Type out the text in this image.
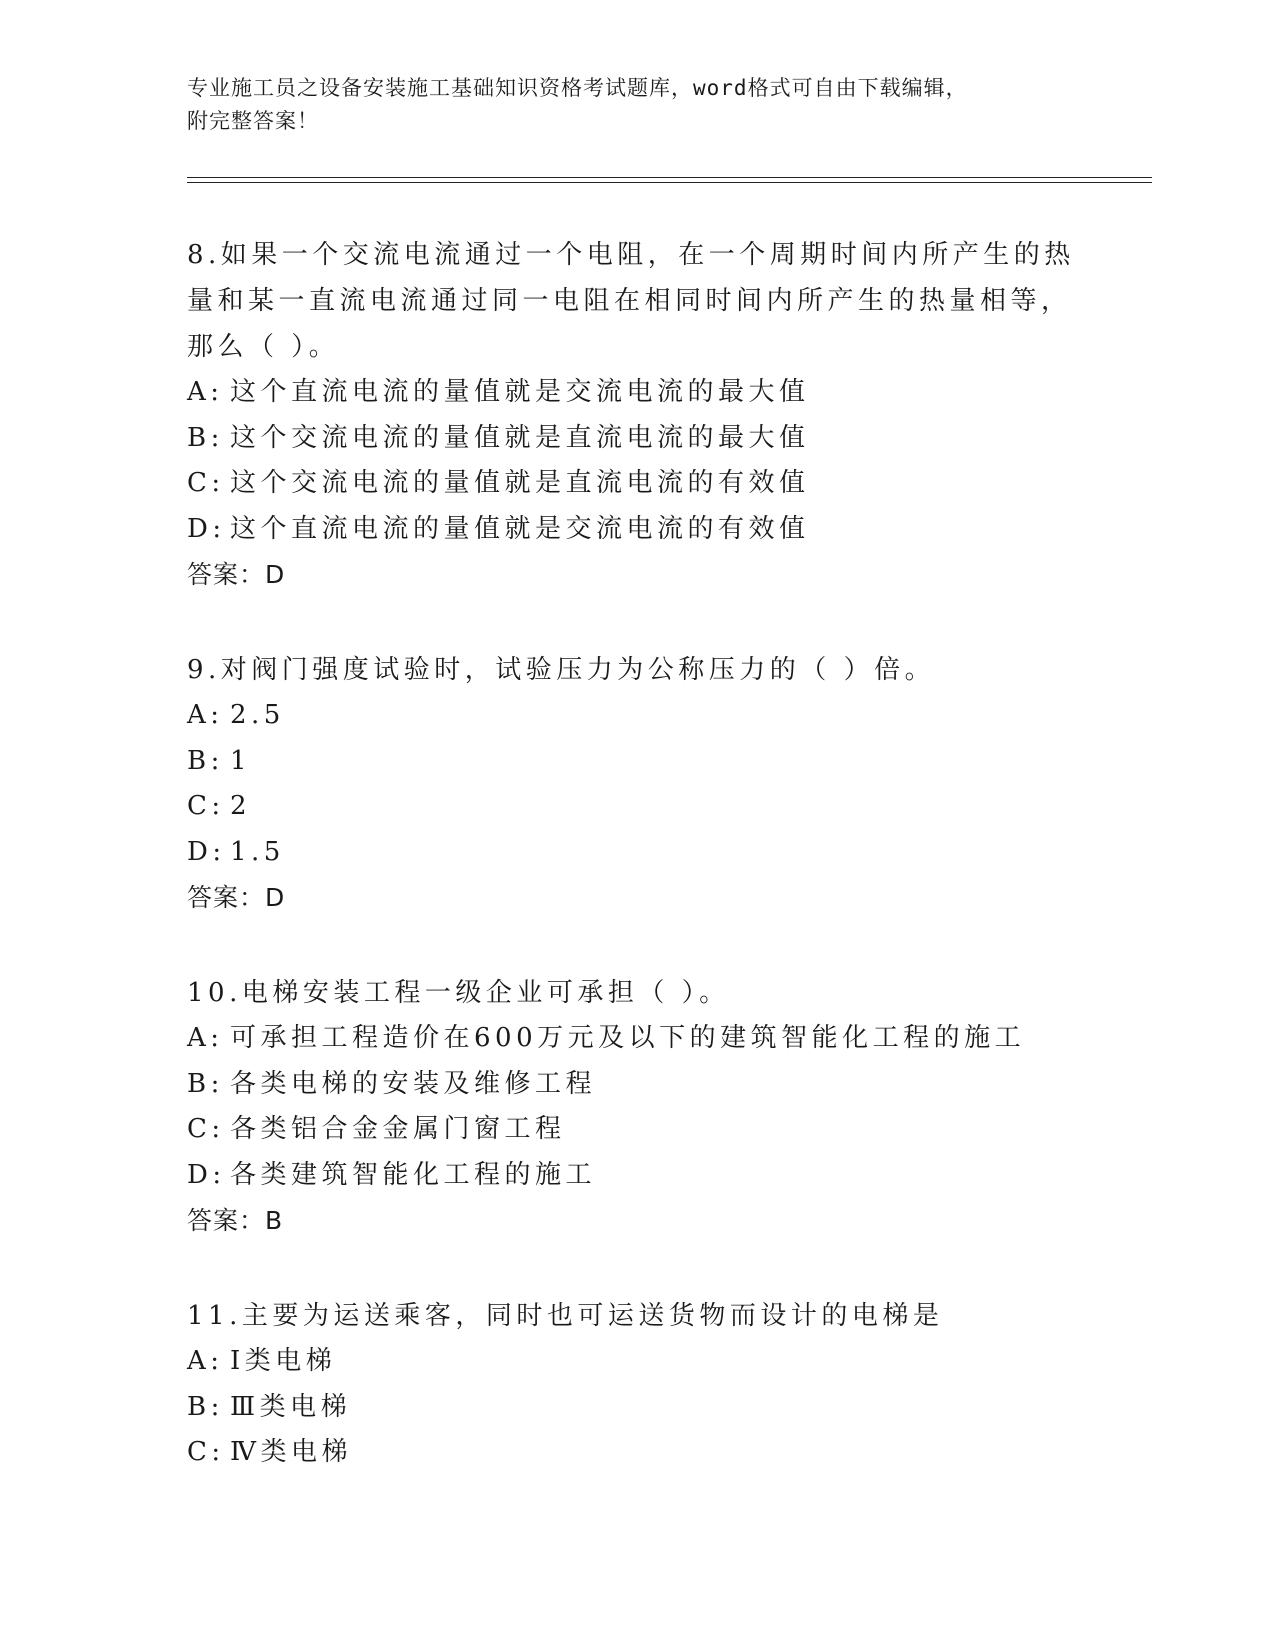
专业施工员之设备安装施工基础知识资格考试题库，word格式可自由下载编辑，
附完整答案！

8.如果一个交流电流通过一个电阻，在一个周期时间内所产生的热量和某一直流电流通过同一电阻在相同时间内所产生的热量相等，那么（ ）。

A: 这个直流电流的量值就是交流电流的最大值
B: 这个交流电流的量值就是直流电流的最大值
C: 这个交流电流的量值就是直流电流的有效值
D: 这个直流电流的量值就是交流电流的有效值
答案：D

9.对阀门强度试验时，试验压力为公称压力的（ ）倍。

A: 2.5
B: 1
C: 2
D: 1.5
答案：D

10.电梯安装工程一级企业可承担（ ）。

A: 可承担工程造价在600万元及以下的建筑智能化工程的施工
B: 各类电梯的安装及维修工程
C: 各类铝合金金属门窗工程
D: 各类建筑智能化工程的施工
答案：B

11.主要为运送乘客，同时也可运送货物而设计的电梯是

A: Ⅰ类电梯
B: Ⅲ类电梯
C: Ⅳ类电梯
